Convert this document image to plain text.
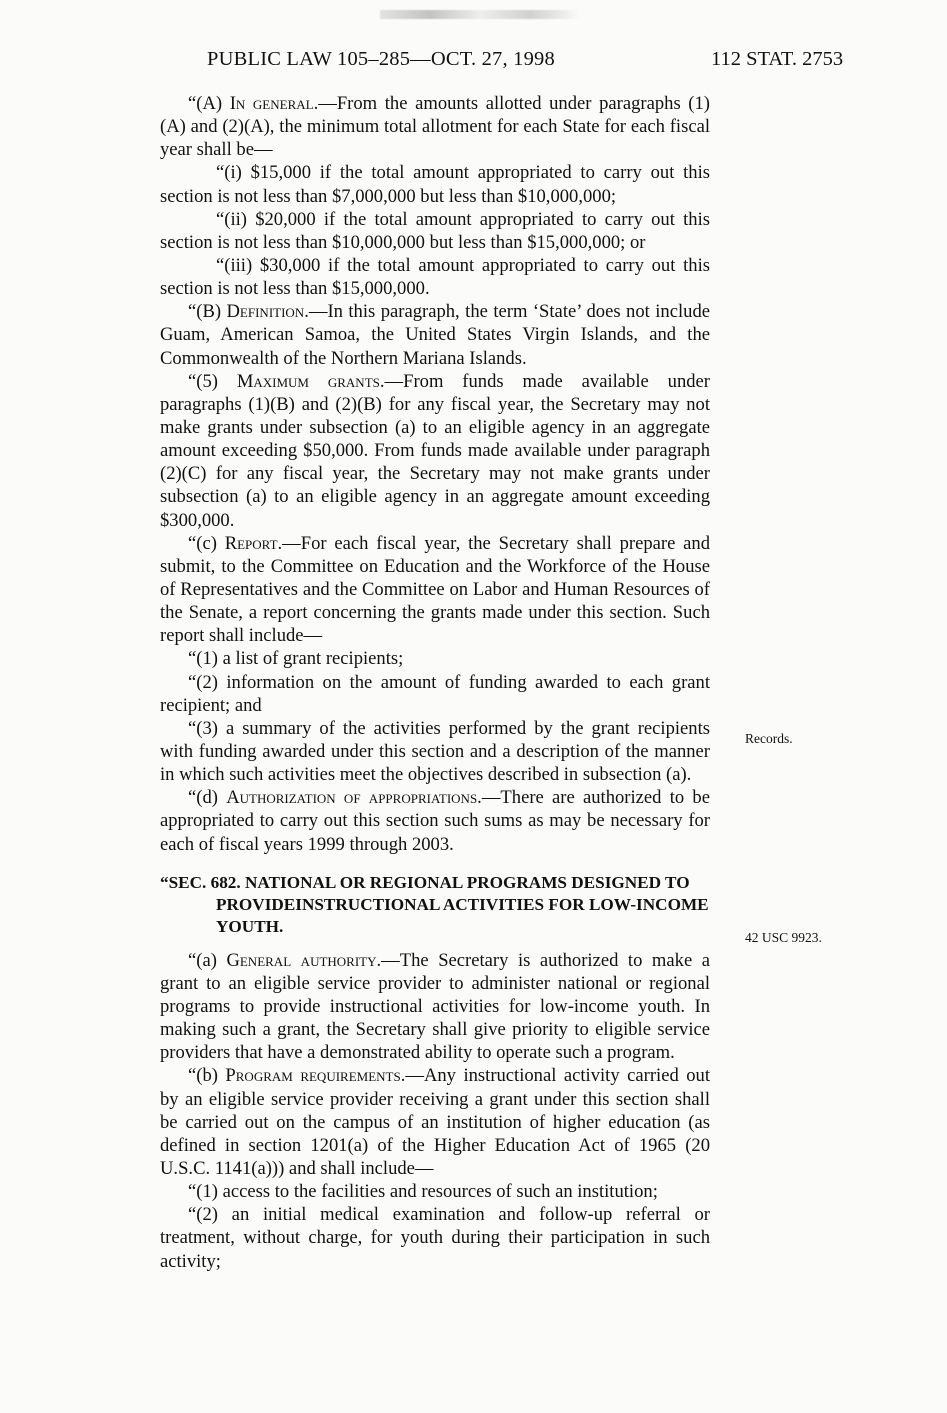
PUBLIC LAW 105–285—OCT. 27, 1998	112 STAT. 2753

“(A) In general.—From the amounts allotted under paragraphs (1)(A) and (2)(A), the minimum total allotment for each State for each fiscal year shall be—

“(i) $15,000 if the total amount appropriated to carry out this section is not less than $7,000,000 but less than $10,000,000;

“(ii) $20,000 if the total amount appropriated to carry out this section is not less than $10,000,000 but less than $15,000,000; or

“(iii) $30,000 if the total amount appropriated to carry out this section is not less than $15,000,000.

“(B) Definition.—In this paragraph, the term ‘State’ does not include Guam, American Samoa, the United States Virgin Islands, and the Commonwealth of the Northern Mariana Islands.

“(5) Maximum grants.—From funds made available under paragraphs (1)(B) and (2)(B) for any fiscal year, the Secretary may not make grants under subsection (a) to an eligible agency in an aggregate amount exceeding $50,000. From funds made available under paragraph (2)(C) for any fiscal year, the Secretary may not make grants under subsection (a) to an eligible agency in an aggregate amount exceeding $300,000.

“(c) Report.—For each fiscal year, the Secretary shall prepare and submit, to the Committee on Education and the Workforce of the House of Representatives and the Committee on Labor and Human Resources of the Senate, a report concerning the grants made under this section. Such report shall include—

“(1) a list of grant recipients;

“(2) information on the amount of funding awarded to each grant recipient; and

“(3) a summary of the activities performed by the grant recipients with funding awarded under this section and a description of the manner in which such activities meet the objectives described in subsection (a).

“(d) Authorization of appropriations.—There are authorized to be appropriated to carry out this section such sums as may be necessary for each of fiscal years 1999 through 2003.

“SEC. 682. NATIONAL OR REGIONAL PROGRAMS DESIGNED TO
PROVIDEINSTRUCTIONAL ACTIVITIES FOR LOW-INCOME
YOUTH.

“(a) General authority.—The Secretary is authorized to make a grant to an eligible service provider to administer national or regional programs to provide instructional activities for low-income youth. In making such a grant, the Secretary shall give priority to eligible service providers that have a demonstrated ability to operate such a program.

“(b) Program requirements.—Any instructional activity carried out by an eligible service provider receiving a grant under this section shall be carried out on the campus of an institution of higher education (as defined in section 1201(a) of the Higher Education Act of 1965 (20 U.S.C. 1141(a))) and shall include—

“(1) access to the facilities and resources of such an institution;

“(2) an initial medical examination and follow-up referral or treatment, without charge, for youth during their participation in such activity;

Records.
42 USC 9923.
